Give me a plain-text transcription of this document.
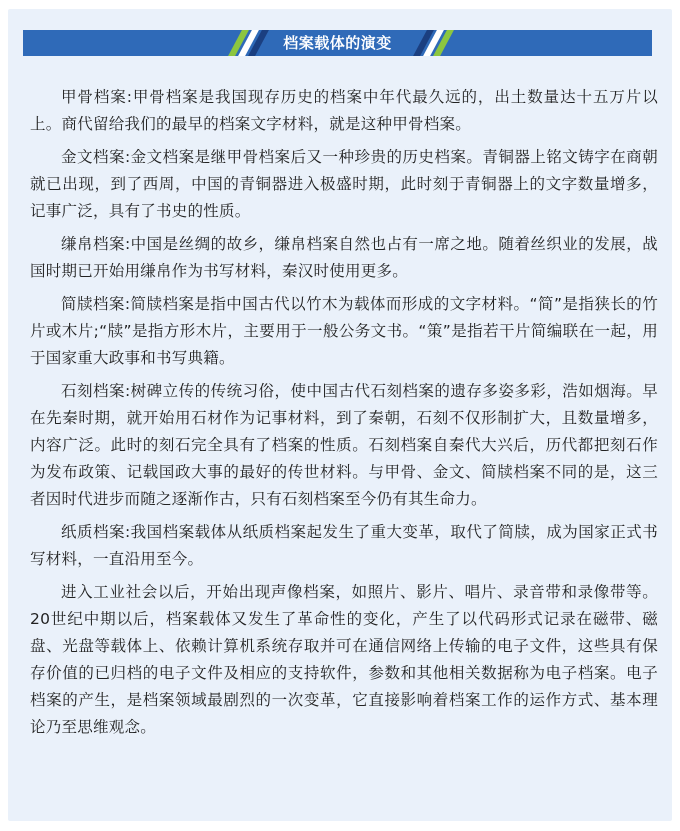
档案载体的演变

甲骨档案:甲骨档案是我国现存历史的档案中年代最久远的，出土数量达十五万片以上。商代留给我们的最早的档案文字材料，就是这种甲骨档案。

金文档案:金文档案是继甲骨档案后又一种珍贵的历史档案。青铜器上铭文铸字在商朝就已出现，到了西周，中国的青铜器进入极盛时期，此时刻于青铜器上的文字数量增多，记事广泛，具有了书史的性质。

缣帛档案:中国是丝绸的故乡，缣帛档案自然也占有一席之地。随着丝织业的发展，战国时期已开始用缣帛作为书写材料，秦汉时使用更多。

简牍档案:简牍档案是指中国古代以竹木为载体而形成的文字材料。“简”是指狭长的竹片或木片;“牍”是指方形木片，主要用于一般公务文书。“策”是指若干片简编联在一起，用于国家重大政事和书写典籍。

石刻档案:树碑立传的传统习俗，使中国古代石刻档案的遗存多姿多彩，浩如烟海。早在先秦时期，就开始用石材作为记事材料，到了秦朝，石刻不仅形制扩大，且数量增多，内容广泛。此时的刻石完全具有了档案的性质。石刻档案自秦代大兴后，历代都把刻石作为发布政策、记载国政大事的最好的传世材料。与甲骨、金文、简牍档案不同的是，这三者因时代进步而随之逐渐作古，只有石刻档案至今仍有其生命力。

纸质档案:我国档案载体从纸质档案起发生了重大变革，取代了简牍，成为国家正式书写材料，一直沿用至今。

进入工业社会以后，开始出现声像档案，如照片、影片、唱片、录音带和录像带等。20世纪中期以后，档案载体又发生了革命性的变化，产生了以代码形式记录在磁带、磁盘、光盘等载体上、依赖计算机系统存取并可在通信网络上传输的电子文件，这些具有保存价值的已归档的电子文件及相应的支持软件，参数和其他相关数据称为电子档案。电子档案的产生，是档案领域最剧烈的一次变革，它直接影响着档案工作的运作方式、基本理论乃至思维观念。
